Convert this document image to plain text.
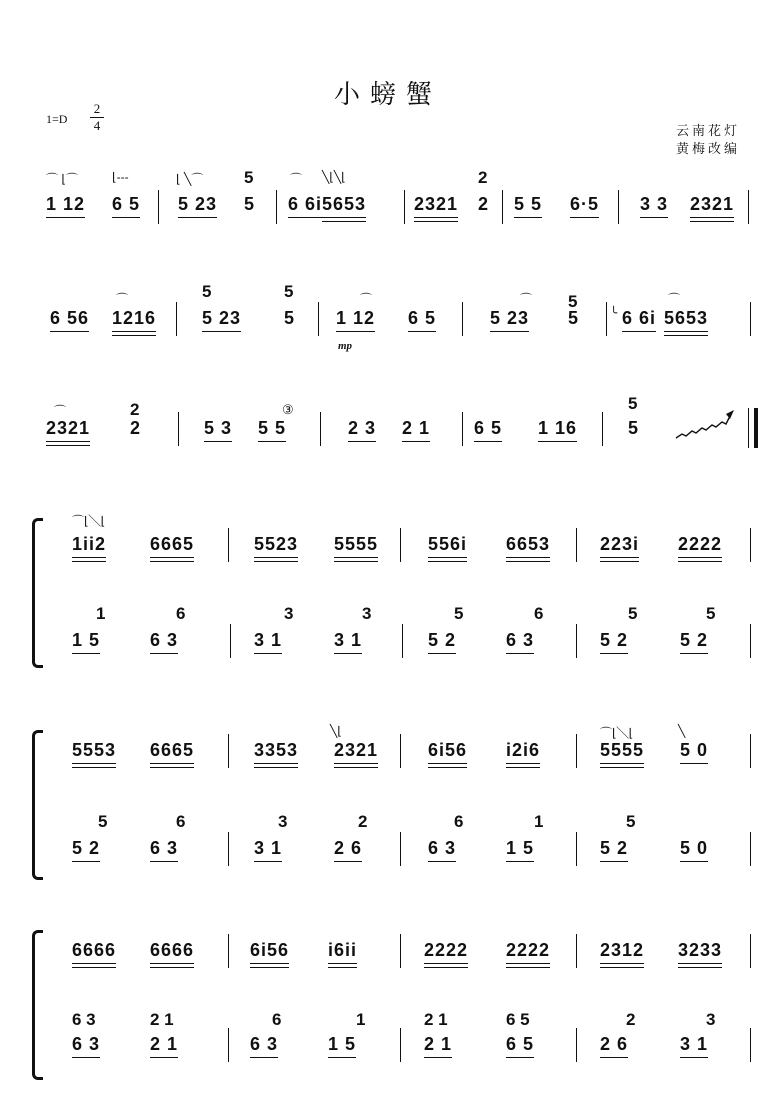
小螃蟹
1=D
2
4	云南花灯
黄梅改编
⌒ ⌊⌒	⌊---	⌊ ╲⌒	⌒ ╲⌊╲⌊
5	2
1 12 6 5 5 23 5 6 6i 5653	2321 2 5 5 6·5 3 3 2321
⌒	⌒	⌒	⌒
5	5
5
6 56 1216	5 23 5 1 12
mp
6 5	5 23 5	╰ 6 6i 5653
⌒	2	5
③
2321 2	5 3 5 5	2 3 2 1 6 5 1 16	5
⌒⌊╲⌊
1ii2 6665	5523 5555	556i 6653	223i 2222
1	6	3	3	5	6	5	5
1 5	6 3	3 1	3 1	5 2	6 3	5 2	5 2
╲⌊	⌒⌊╲⌊	╲
5553 6665	3353 2321	6i56 i2i6	5555 5 0
5	6	3	2	6	1	5
5 2	6 3	3 1	2 6	6 3	1 5	5 2	5 0
6666 6666	6i56 i6ii	2222 2222	2312 3233
6 3	2 1	6	1	2 1	6 5	2	3
6 3	2 1	6 3	1 5	2 1	6 5	2 6	3 1
